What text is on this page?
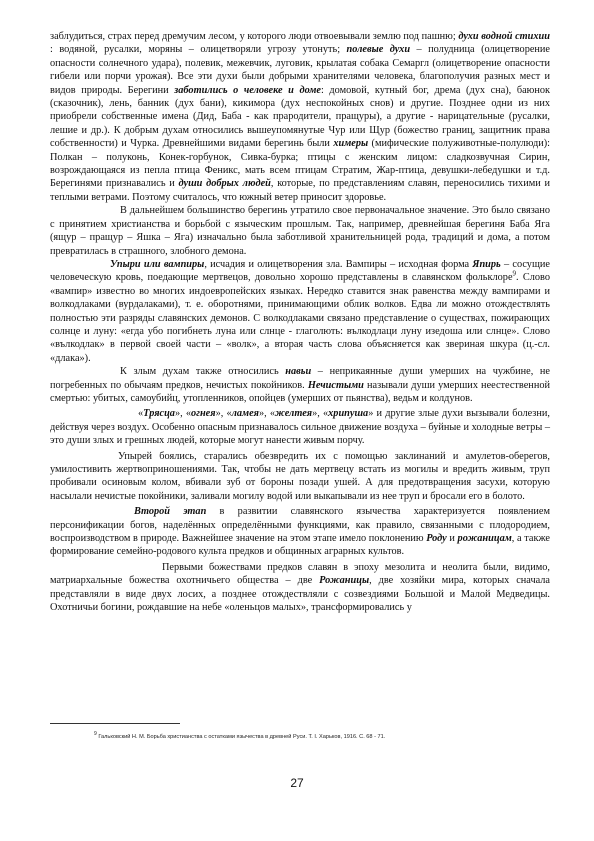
заблудиться, страх перед дремучим лесом, у которого люди отвоевывали землю под пашню; духи водной стихии : водяной, русалки, моряны – олицетворяли угрозу утонуть; полевые духи – полудница (олицетворение опасности солнечного удара), полевик, межевчик, луговик, крылатая собака Семаргл (олицетворение опасности гибели или порчи урожая). Все эти духи были добрыми хранителями человека, благополучия разных мест и видов природы. Берегини заботились о человеке и доме: домовой, кутный бог, дрема (дух сна), баюнок (сказочник), лень, банник (дух бани), кикимора (дух неспокойных снов) и другие. Позднее одни из них приобрели собственные имена (Дид, Баба - как прародители, пращуры), а другие - нарицательные (русалки, лешие и др.). К добрым духам относились вышеупомянутые Чур или Щур (божество границ, защитник права собственности) и Чурка. Древнейшими видами берегинь были химеры (мифические полуживотные-полулюди): Полкан – полуконь, Конек-горбунок, Сивка-бурка; птицы с женским лицом: сладкозвучная Сирин, возрождающаяся из пепла птица Феникс, мать всем птицам Стратим, Жар-птица, девушки-лебедушки и т.д. Берегинями признавались и души добрых людей, которые, по представлениям славян, переносились тихими и теплыми ветрами. Поэтому считалось, что южный ветер приносит здоровье.

В дальнейшем большинство берегинь утратило свое первоначальное значение. Это было связано с принятием христианства и борьбой с языческим прошлым. Так, например, древнейшая берегиня Баба Яга (ящур – пращур – Яшка – Яга) изначально была заботливой хранительницей рода, традиций и дома, а потом превратилась в страшного, злобного демона.

Упыри или вампиры, исчадия и олицетворения зла. Вампиры – исходная форма Япирь – сосущие человеческую кровь, поедающие мертвецов, довольно хорошо представлены в славянском фольклоре$^9$. Слово «вампир» известно во многих индоевропейских языках. Нередко ставится знак равенства между вампирами и волкодлаками (вурдалаками), т. е. оборотнями, принимающими облик волков. Едва ли можно отождествлять полностью эти разряды славянских демонов. С волкодлаками связано представление о существах, пожирающих солнце и луну: «егда убо погибнеть луна или слнце - глаголють: вълкодлаци луну изедоша или слнце». Слово «вълкодлак» в первой своей части – «волк», а вторая часть слова объясняется как звериная шкура (ц.-сл. «длака»).

К злым духам также относились навьи – неприкаянные души умерших на чужбине, не погребенных по обычаям предков, нечистых покойников. Нечистыми называли души умерших неестественной смертью: убитых, самоубийц, утопленников, опойцев (умерших от пьянства), ведьм и колдунов.

«Трясца», «огнея», «ламея», «желтея», «хрипуша» и другие злые духи вызывали болезни, действуя через воздух. Особенно опасным признавалось сильное движение воздуха – буйные и холодные ветры – это души злых и грешных людей, которые могут нанести живым порчу.

Упырей боялись, старались обезвредить их с помощью заклинаний и амулетов-оберегов, умилостивить жертвоприношениями. Так, чтобы не дать мертвецу встать из могилы и вредить живым, труп пробивали осиновым колом, вбивали зуб от бороны позади ушей. А для предотвращения засухи, которую насылали нечистые покойники, заливали могилу водой или выкапывали из нее труп и бросали его в болото.

Второй этап в развитии славянского язычества характеризуется появлением персонификации богов, наделённых определёнными функциями, как правило, связанными с плодородием, воспроизводством в природе. Важнейшее значение на этом этапе имело поклонению Роду и рожаницам, а также формирование семейно-родового культа предков и общинных аграрных культов.

Первыми божествами предков славян в эпоху мезолита и неолита были, видимо, матриархальные божества охотничьего общества – две Рожаницы, две хозяйки мира, которых сначала представляли в виде двух лосих, а позднее отождествляли с созвездиями Большой и Малой Медведицы. Охотничьи богини, рождавшие на небе «оленьцов малых», трансформировались у

$^9$ Гальковский Н. М. Борьба христианства с остатками язычества в древней Руси. Т. I. Харьков, 1916. С. 68 - 71.
27
